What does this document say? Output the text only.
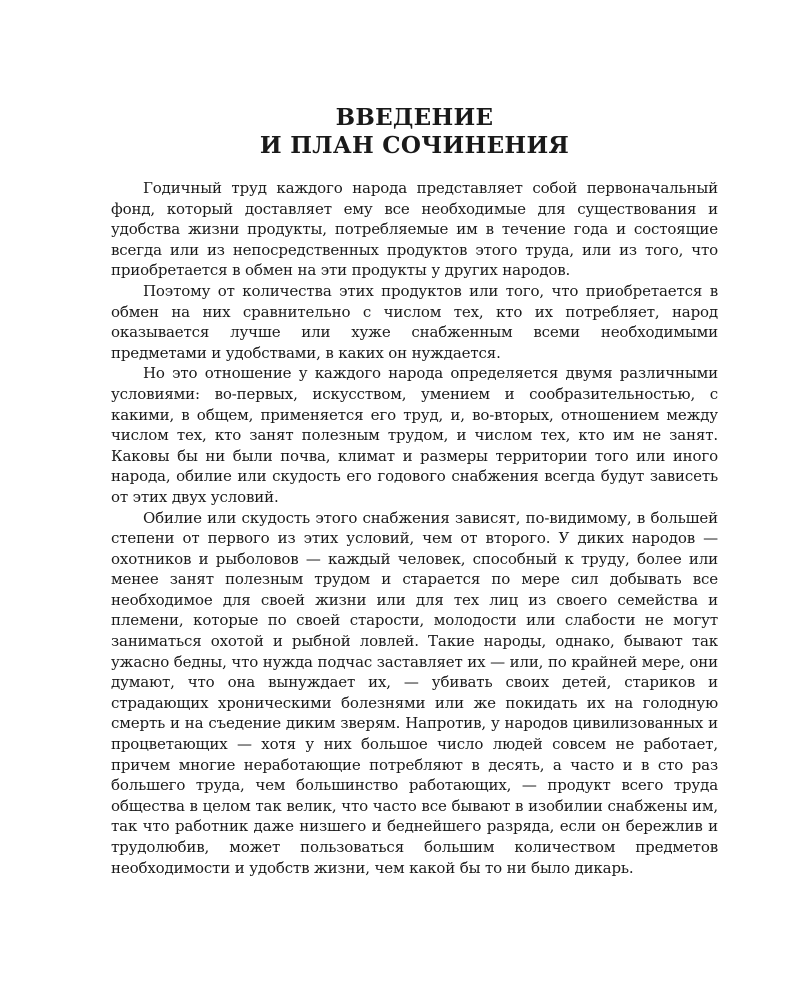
ВВЕДЕНИЕ
И ПЛАН СОЧИНЕНИЯ

Годичный труд каждого народа представляет собой первоначальный фонд, который доставляет ему все необходимые для существования и удобства жизни продукты, потребляемые им в течение года и состоящие всегда или из непосредственных продуктов этого труда, или из того, что приобретается в обмен на эти продукты у других народов.

Поэтому от количества этих продуктов или того, что приобретается в обмен на них сравнительно с числом тех, кто их потребляет, народ оказывается лучше или хуже снабженным всеми необходимыми предметами и удобствами, в каких он нуждается.

Но это отношение у каждого народа определяется двумя различными условиями: во-первых, искусством, умением и сообразительностью, с какими, в общем, применяется его труд, и, во-вторых, отношением между числом тех, кто занят полезным трудом, и числом тех, кто им не занят. Каковы бы ни были почва, климат и размеры территории того или иного народа, обилие или скудость его годового снабжения всегда будут зависеть от этих двух условий.

Обилие или скудость этого снабжения зависят, по-видимому, в большей степени от первого из этих условий, чем от второго. У диких народов — охотников и рыболовов — каждый человек, способный к труду, более или менее занят полезным трудом и старается по мере сил добывать все необходимое для своей жизни или для тех лиц из своего семейства и племени, которые по своей старости, молодости или слабости не могут заниматься охотой и рыбной ловлей. Такие народы, однако, бывают так ужасно бедны, что нужда подчас заставляет их — или, по крайней мере, они думают, что она вынуждает их, — убивать своих детей, стариков и страдающих хроническими болезнями или же покидать их на голодную смерть и на съедение диким зверям. Напротив, у народов цивилизованных и процветающих — хотя у них большое число людей совсем не работает, причем многие неработающие потребляют в десять, а часто и в сто раз большего труда, чем большинство работающих, — продукт всего труда общества в целом так велик, что часто все бывают в изобилии снабжены им, так что работник даже низшего и беднейшего разряда, если он бережлив и трудолюбив, может пользоваться большим количеством предметов необходимости и удобств жизни, чем какой бы то ни было дикарь.
